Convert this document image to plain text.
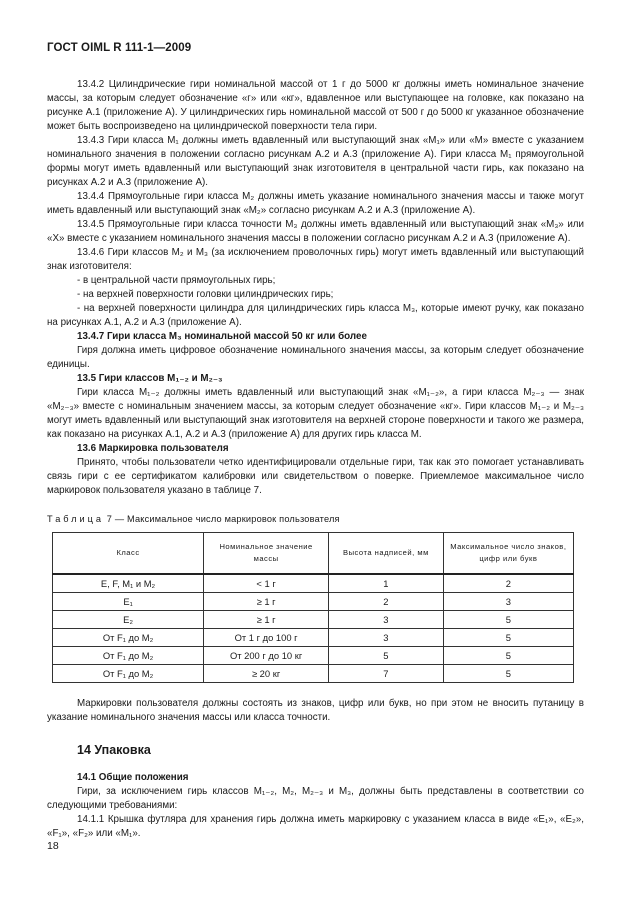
ГОСТ OIML R 111-1—2009

13.4.2 Цилиндрические гири номинальной массой от 1 г до 5000 кг должны иметь номинальное значение массы, за которым следует обозначение «г» или «кг», вдавленное или выступающее на головке, как показано на рисунке А.1 (приложение А). У цилиндрических гирь номинальной массой от 500 г до 5000 кг указанное обозначение может быть воспроизведено на цилиндрической поверхности тела гири.

13.4.3 Гири класса M₁ должны иметь вдавленный или выступающий знак «M₁» или «M» вместе с указанием номинального значения в положении согласно рисункам А.2 и А.3 (приложение А). Гири класса M₁ прямоугольной формы могут иметь вдавленный или выступающий знак изготовителя в центральной части гирь, как показано на рисунках А.2 и А.3 (приложение А).

13.4.4 Прямоугольные гири класса M₂ должны иметь указание номинального значения массы и также могут иметь вдавленный или выступающий знак «M₂» согласно рисункам А.2 и А.3 (приложение А).

13.4.5 Прямоугольные гири класса точности M₃ должны иметь вдавленный или выступающий знак «M₃» или «X» вместе с указанием номинального значения массы в положении согласно рисункам А.2 и А.3 (приложение А).

13.4.6 Гири классов M₂ и M₃ (за исключением проволочных гирь) могут иметь вдавленный или выступающий знак изготовителя:

- в центральной части прямоугольных гирь;

- на верхней поверхности головки цилиндрических гирь;

- на верхней поверхности цилиндра для цилиндрических гирь класса M₃, которые имеют ручку, как показано на рисунках А.1, А.2 и А.3 (приложение А).

13.4.7 Гири класса M₃ номинальной массой 50 кг или более

Гиря должна иметь цифровое обозначение номинального значения массы, за которым следует обозначение единицы.

13.5 Гири классов M₁₋₂ и M₂₋₃

Гири класса M₁₋₂ должны иметь вдавленный или выступающий знак «M₁₋₂», а гири класса M₂₋₃ — знак «M₂₋₃» вместе с номинальным значением массы, за которым следует обозначение «кг». Гири классов M₁₋₂ и M₂₋₃ могут иметь вдавленный или выступающий знак изготовителя на верхней стороне поверхности и такого же размера, как показано на рисунках А.1, А.2 и А.3 (приложение А) для других гирь класса M.

13.6 Маркировка пользователя

Принято, чтобы пользователи четко идентифицировали отдельные гири, так как это помогает устанавливать связь гири с ее сертификатом калибровки или свидетельством о поверке. Приемлемое максимальное число маркировок пользователя указано в таблице 7.

Таблица 7 — Максимальное число маркировок пользователя
Класс	Номинальное значение массы	Высота надписей, мм	Максимальное число знаков, цифр или букв
E, F, M₁ и M₂	< 1 г	1	2
E₁	≥ 1 г	2	3
E₂	≥ 1 г	3	5
От F₁ до M₂	От 1 г до 100 г	3	5
От F₁ до M₂	От 200 г до 10 кг	5	5
От F₁ до M₂	≥ 20 кг	7	5

Маркировки пользователя должны состоять из знаков, цифр или букв, но при этом не вносить путаницу в указание номинального значения массы или класса точности.

14 Упаковка

14.1 Общие положения

Гири, за исключением гирь классов M₁₋₂, M₂, M₂₋₃ и M₃, должны быть представлены в соответствии со следующими требованиями:

14.1.1 Крышка футляра для хранения гирь должна иметь маркировку с указанием класса в виде «E₁», «E₂», «F₁», «F₂» или «M₁».

18
